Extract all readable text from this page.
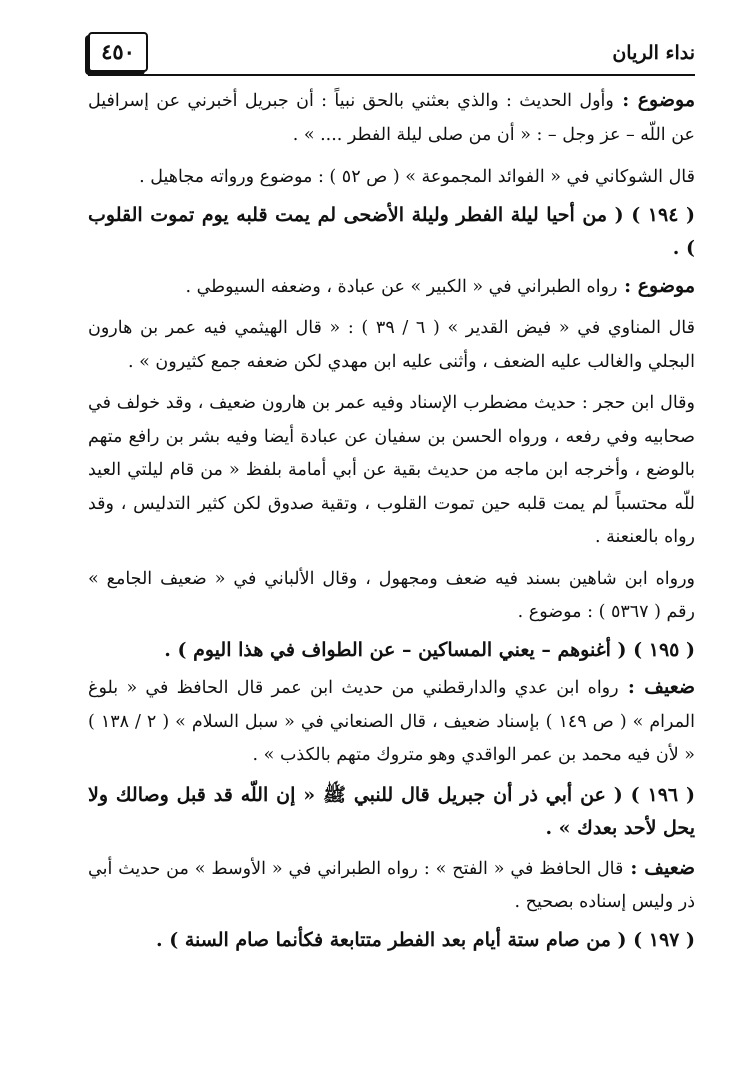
نداء الريان
٤٥٠

موضوع : وأول الحديث : والذي بعثني بالحق نبياً : أن جبريل أخبرني عن إسرافيل عن اللّه – عز وجل – : « أن من صلى ليلة الفطر .... » .

قال الشوكاني في « الفوائد المجموعة » ( ص ٥٢ ) : موضوع ورواته مجاهيل .

( ١٩٤ ) ( من أحيا ليلة الفطر وليلة الأضحى لم يمت قلبه يوم تموت القلوب ) .

موضوع : رواه الطبراني في « الكبير » عن عبادة ، وضعفه السيوطي .

قال المناوي في « فيض القدير » ( ٦ / ٣٩ ) : « قال الهيثمي فيه عمر بن هارون البجلي والغالب عليه الضعف ، وأثنى عليه ابن مهدي لكن ضعفه جمع كثيرون » .

وقال ابن حجر : حديث مضطرب الإسناد وفيه عمر بن هارون ضعيف ، وقد خولف في صحابيه وفي رفعه ، ورواه الحسن بن سفيان عن عبادة أيضا وفيه بشر بن رافع متهم بالوضع ، وأخرجه ابن ماجه من حديث بقية عن أبي أمامة بلفظ « من قام ليلتي العيد للّه محتسباً لم يمت قلبه حين تموت القلوب ، وتقية صدوق لكن كثير التدليس ، وقد رواه بالعنعنة .

ورواه ابن شاهين بسند فيه ضعف ومجهول ، وقال الألباني في « ضعيف الجامع » رقم ( ٥٣٦٧ ) : موضوع .

( ١٩٥ ) ( أغنوهم – يعني المساكين – عن الطواف في هذا اليوم ) .

ضعيف : رواه ابن عدي والدارقطني من حديث ابن عمر قال الحافظ في « بلوغ المرام » ( ص ١٤٩ ) بإسناد ضعيف ، قال الصنعاني في « سبل السلام » ( ٢ / ١٣٨ ) « لأن فيه محمد بن عمر الواقدي وهو متروك متهم بالكذب » .

( ١٩٦ ) ( عن أبي ذر أن جبريل قال للنبي ﷺ « إن اللّه قد قبل وصالك ولا يحل لأحد بعدك » .

ضعيف : قال الحافظ في « الفتح » : رواه الطبراني في « الأوسط » من حديث أبي ذر وليس إسناده بصحيح .

( ١٩٧ ) ( من صام ستة أيام بعد الفطر متتابعة فكأنما صام السنة ) .
